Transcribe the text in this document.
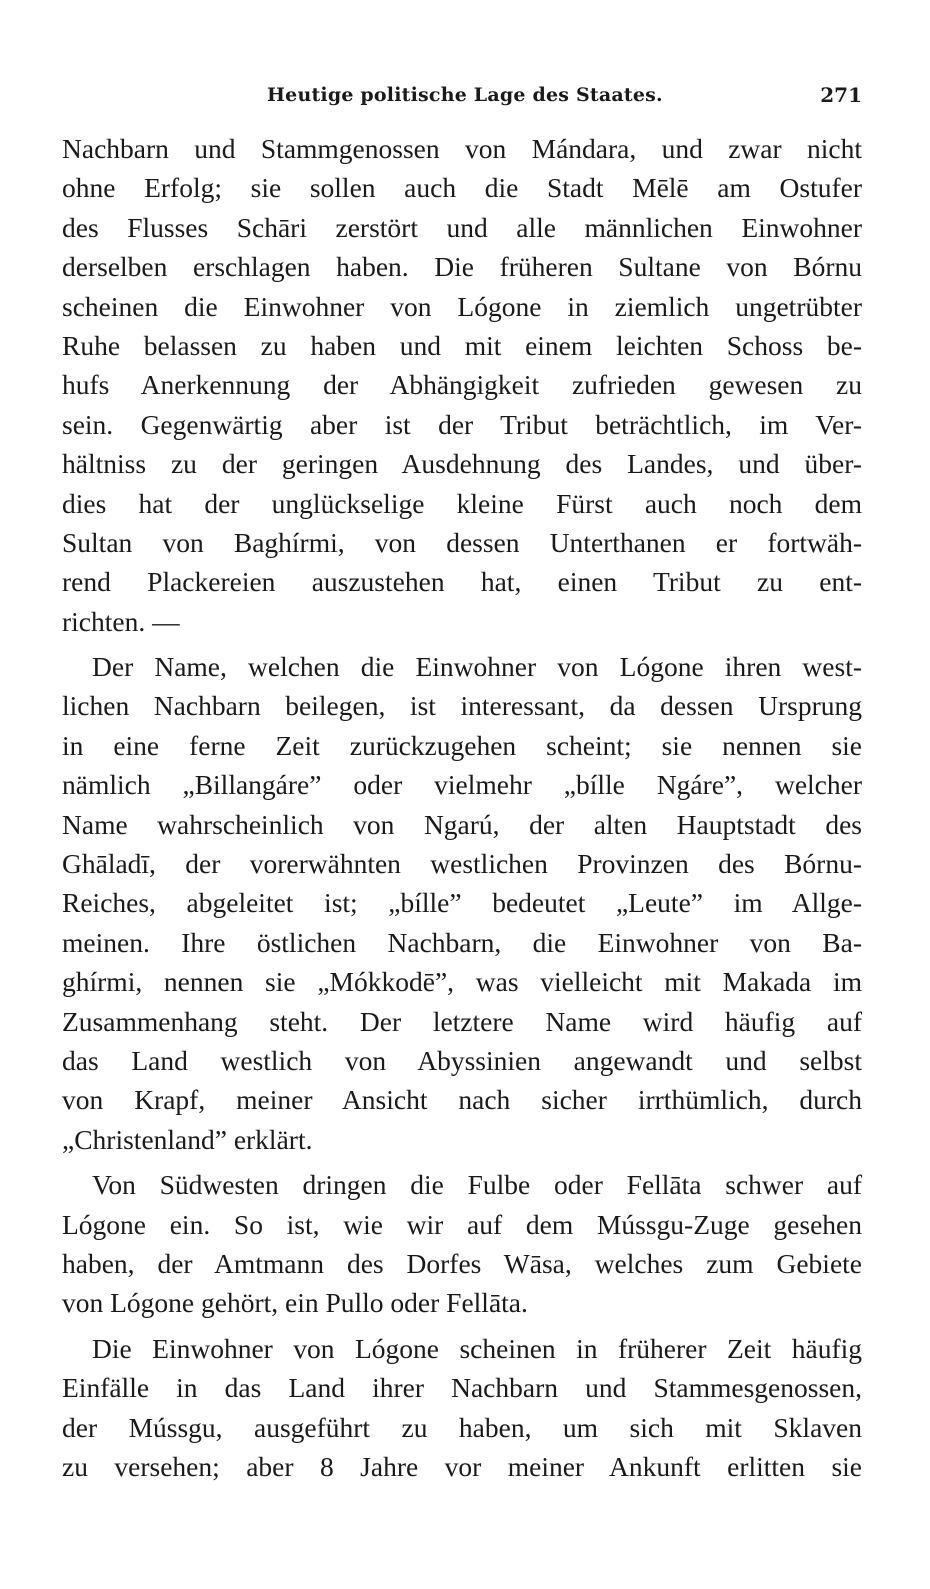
Heutige politische Lage des Staates.	271
Nachbarn und Stammgenossen von Mándara, und zwar nicht
ohne Erfolg; sie sollen auch die Stadt Mēlē am Ostufer
des Flusses Schāri zerstört und alle männlichen Einwohner
derselben erschlagen haben. Die früheren Sultane von Bórnu
scheinen die Einwohner von Lógone in ziemlich ungetrübter
Ruhe belassen zu haben und mit einem leichten Schoss be-
hufs Anerkennung der Abhängigkeit zufrieden gewesen zu
sein. Gegenwärtig aber ist der Tribut beträchtlich, im Ver-
hältniss zu der geringen Ausdehnung des Landes, und über-
dies hat der unglückselige kleine Fürst auch noch dem
Sultan von Baghírmi, von dessen Unterthanen er fortwäh-
rend Plackereien auszustehen hat, einen Tribut zu ent-
richten. —
Der Name, welchen die Einwohner von Lógone ihren west-
lichen Nachbarn beilegen, ist interessant, da dessen Ursprung
in eine ferne Zeit zurückzugehen scheint; sie nennen sie
nämlich „Billangáre” oder vielmehr „bílle Ngáre”, welcher
Name wahrscheinlich von Ngarú, der alten Hauptstadt des
Ghāladī, der vorerwähnten westlichen Provinzen des Bórnu-
Reiches, abgeleitet ist; „bílle” bedeutet „Leute” im Allge-
meinen. Ihre östlichen Nachbarn, die Einwohner von Ba-
ghírmi, nennen sie „Mókkodē”, was vielleicht mit Makada im
Zusammenhang steht. Der letztere Name wird häufig auf
das Land westlich von Abyssinien angewandt und selbst
von Krapf, meiner Ansicht nach sicher irrthümlich, durch
„Christenland” erklärt.
Von Südwesten dringen die Fulbe oder Fellāta schwer auf
Lógone ein. So ist, wie wir auf dem Mússgu-Zuge gesehen
haben, der Amtmann des Dorfes Wāsa, welches zum Gebiete
von Lógone gehört, ein Pullo oder Fellāta.
Die Einwohner von Lógone scheinen in früherer Zeit häufig
Einfälle in das Land ihrer Nachbarn und Stammesgenossen,
der Mússgu, ausgeführt zu haben, um sich mit Sklaven
zu versehen; aber 8 Jahre vor meiner Ankunft erlitten sie
